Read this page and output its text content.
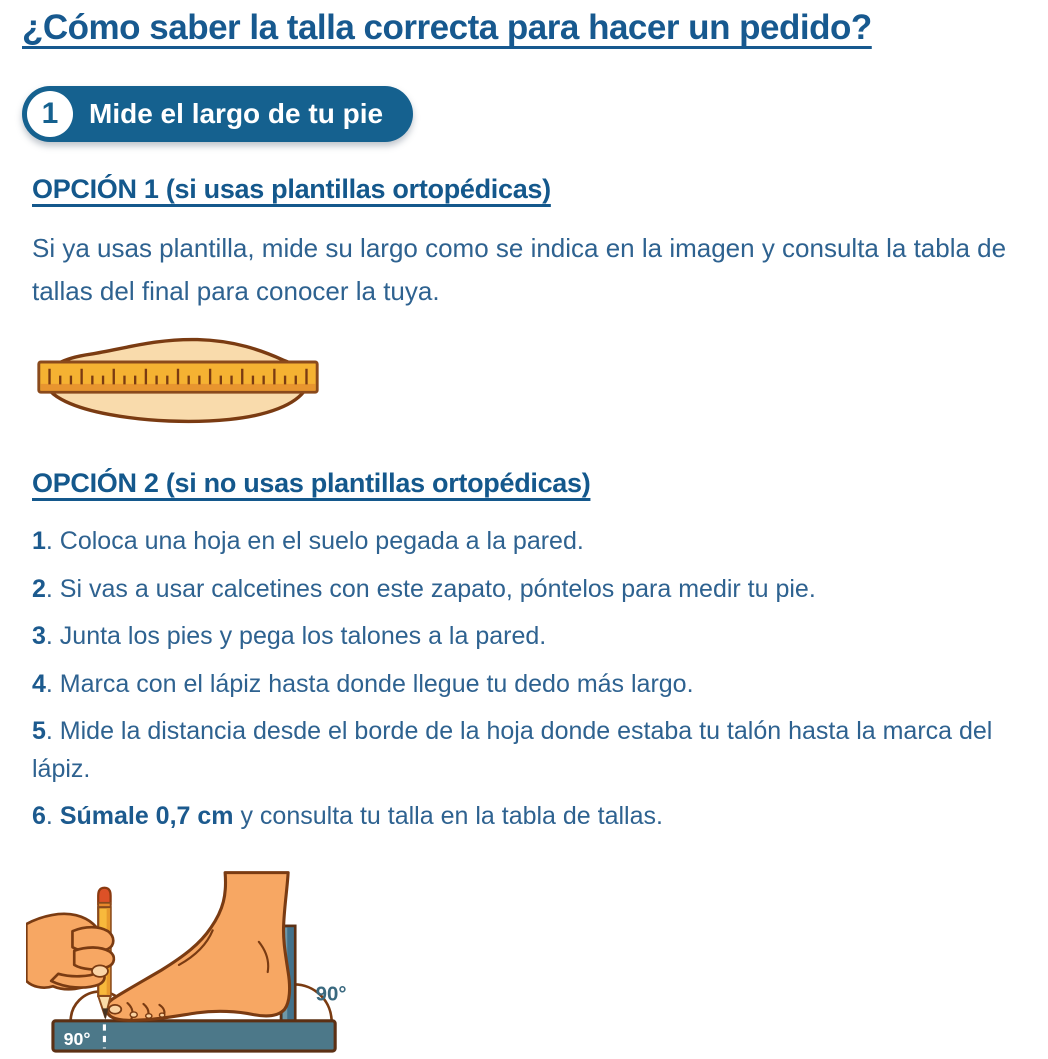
¿Cómo saber la talla correcta para hacer un pedido?
1 Mide el largo de tu pie
OPCIÓN 1 (si usas plantillas ortopédicas)

Si ya usas plantilla, mide su largo como se indica en la imagen y consulta la tabla de tallas del final para conocer la tuya.

OPCIÓN 2 (si no usas plantillas ortopédicas)
1. Coloca una hoja en el suelo pegada a la pared.
2. Si vas a usar calcetines con este zapato, póntelos para medir tu pie.
3. Junta los pies y pega los talones a la pared.
4. Marca con el lápiz hasta donde llegue tu dedo más largo.
5. Mide la distancia desde el borde de la hoja donde estaba tu talón hasta la marca del lápiz.
6. Súmale 0,7 cm y consulta tu talla en la tabla de tallas.
90°
90°
